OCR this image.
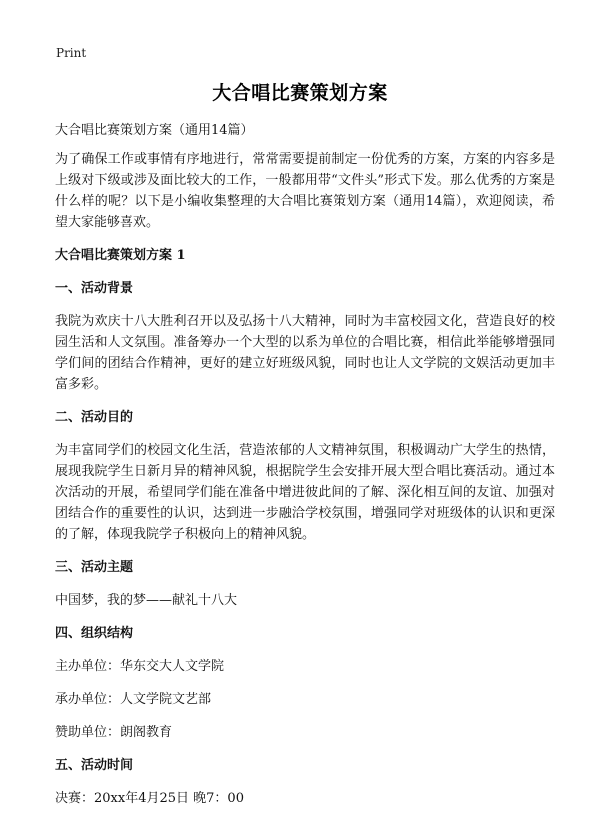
Print
大合唱比赛策划方案

大合唱比赛策划方案（通用14篇）

为了确保工作或事情有序地进行，常常需要提前制定一份优秀的方案，方案的内容多是上级对下级或涉及面比较大的工作，一般都用带“文件头”形式下发。那么优秀的方案是什么样的呢？以下是小编收集整理的大合唱比赛策划方案（通用14篇），欢迎阅读，希望大家能够喜欢。

大合唱比赛策划方案 1

一、活动背景

我院为欢庆十八大胜利召开以及弘扬十八大精神，同时为丰富校园文化，营造良好的校园生活和人文氛围。准备筹办一个大型的以系为单位的合唱比赛，相信此举能够增强同学们间的团结合作精神，更好的建立好班级风貌，同时也让人文学院的文娱活动更加丰富多彩。

二、活动目的

为丰富同学们的校园文化生活，营造浓郁的人文精神氛围，积极调动广大学生的热情，展现我院学生日新月异的精神风貌，根据院学生会安排开展大型合唱比赛活动。通过本次活动的开展，希望同学们能在准备中增进彼此间的了解、深化相互间的友谊、加强对团结合作的重要性的认识，达到进一步融洽学校氛围，增强同学对班级体的认识和更深的了解，体现我院学子积极向上的精神风貌。

三、活动主题

中国梦，我的梦——献礼十八大

四、组织结构

主办单位：华东交大人文学院

承办单位：人文学院文艺部

赞助单位：朗阁教育

五、活动时间

决赛：20xx年4月25日 晚7：00
